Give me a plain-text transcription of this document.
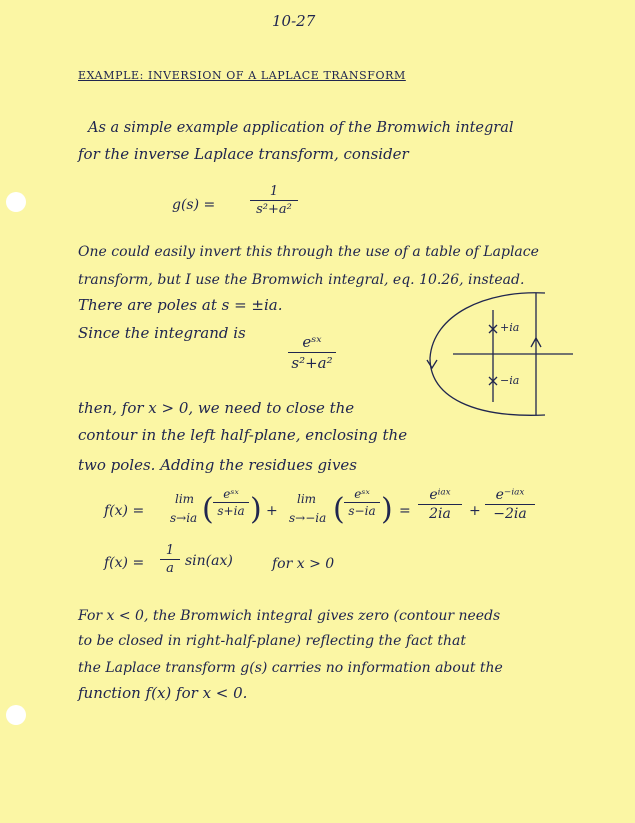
10-27
EXAMPLE: INVERSION OF A LAPLACE TRANSFORM
As a simple example application of the Bromwich integral
for the inverse Laplace transform, consider
g(s) =
1
s²+a²
One could easily invert this through the use of a table of Laplace
transform, but I use the Bromwich integral, eq. 10.26, instead.
There are poles at s = ±ia.
Since the integrand is	eˢˣ
s²+a²
+ia
−ia
then, for x > 0, we need to close the
contour in the left half-plane, enclosing the
two poles. Adding the residues gives
f(x) =
lim
s→ia ( eˢˣ
s+ia ) +
lim
s→−ia ( eˢˣ
s−ia ) =
eⁱᵃˣ
2ia	+
e⁻ⁱᵃˣ
−2ia
f(x) =
1
a sin(ax)	for x > 0
For x < 0, the Bromwich integral gives zero (contour needs
to be closed in right-half-plane) reflecting the fact that
the Laplace transform g(s) carries no information about the
function f(x) for x < 0.
